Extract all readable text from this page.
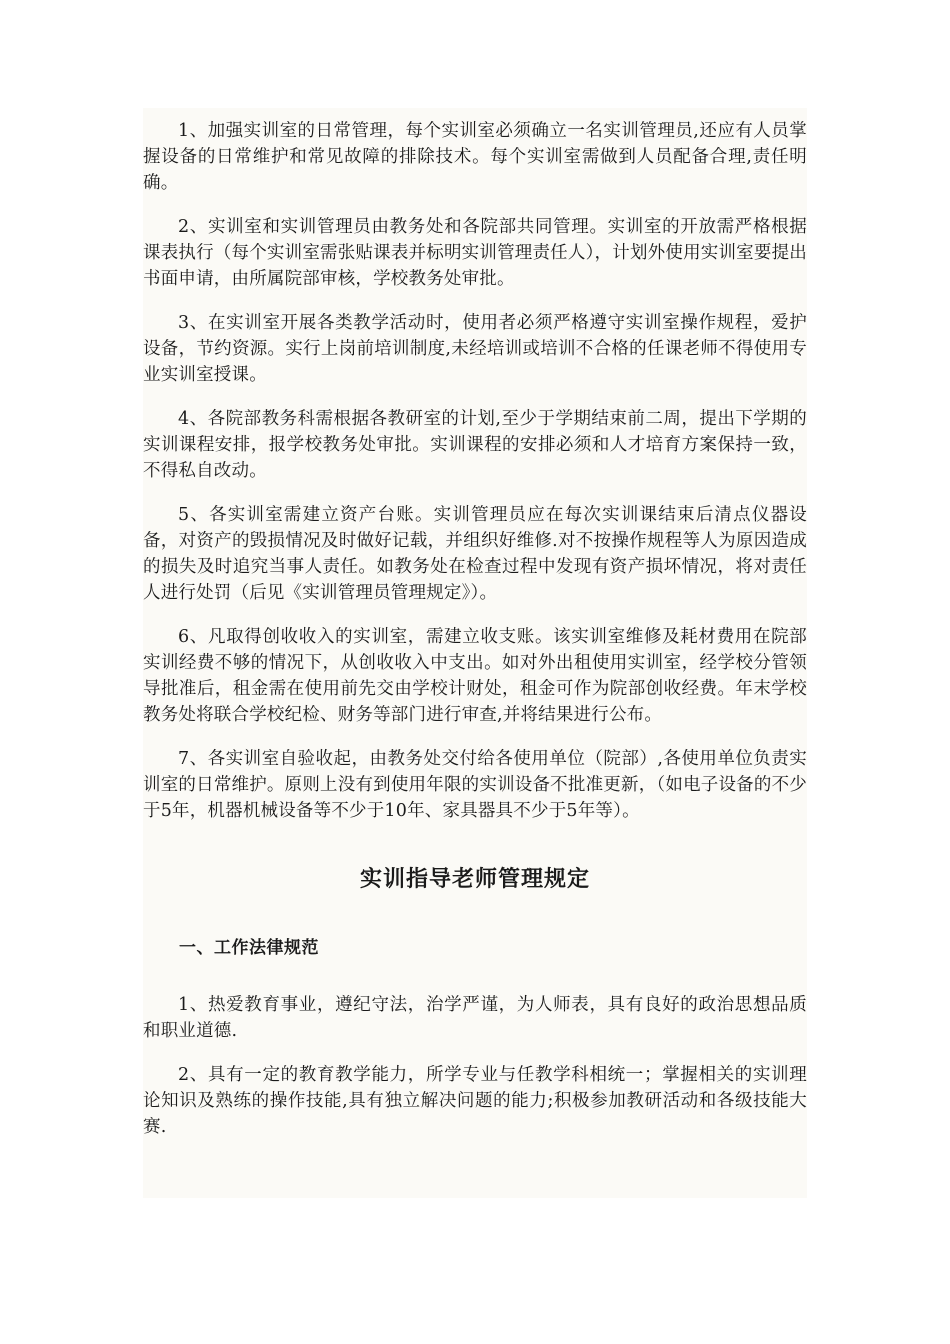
1、加强实训室的日常管理，每个实训室必须确立一名实训管理员,还应有人员掌握设备的日常维护和常见故障的排除技术。每个实训室需做到人员配备合理,责任明确。

2、实训室和实训管理员由教务处和各院部共同管理。实训室的开放需严格根据课表执行（每个实训室需张贴课表并标明实训管理责任人），计划外使用实训室要提出书面申请，由所属院部审核，学校教务处审批。

3、在实训室开展各类教学活动时，使用者必须严格遵守实训室操作规程，爱护设备，节约资源。实行上岗前培训制度,未经培训或培训不合格的任课老师不得使用专业实训室授课。

4、各院部教务科需根据各教研室的计划,至少于学期结束前二周，提出下学期的实训课程安排，报学校教务处审批。实训课程的安排必须和人才培育方案保持一致，不得私自改动。

5、各实训室需建立资产台账。实训管理员应在每次实训课结束后清点仪器设备，对资产的毁损情况及时做好记载，并组织好维修.对不按操作规程等人为原因造成的损失及时追究当事人责任。如教务处在检查过程中发现有资产损坏情况，将对责任人进行处罚（后见《实训管理员管理规定》）。

6、凡取得创收收入的实训室，需建立收支账。该实训室维修及耗材费用在院部实训经费不够的情况下，从创收收入中支出。如对外出租使用实训室，经学校分管领导批准后，租金需在使用前先交由学校计财处，租金可作为院部创收经费。年末学校教务处将联合学校纪检、财务等部门进行审查,并将结果进行公布。

7、各实训室自验收起，由教务处交付给各使用单位（院部）,各使用单位负责实训室的日常维护。原则上没有到使用年限的实训设备不批准更新，（如电子设备的不少于5年，机器机械设备等不少于10年、家具器具不少于5年等）。

实训指导老师管理规定
一、工作法律规范

1、热爱教育事业，遵纪守法，治学严谨，为人师表，具有良好的政治思想品质和职业道德.

2、具有一定的教育教学能力，所学专业与任教学科相统一；掌握相关的实训理论知识及熟练的操作技能,具有独立解决问题的能力;积极参加教研活动和各级技能大赛.
